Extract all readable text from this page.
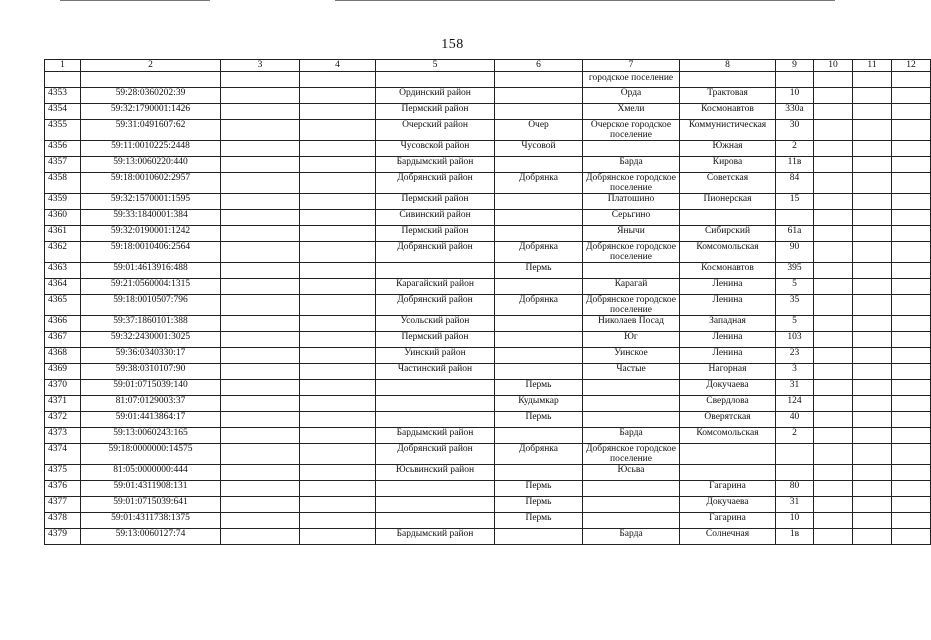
158
1	2	3	4	5	6	7	8	9	10	11	12
						городское поселение					
4353	59:28:0360202:39			Ординский район		Орда	Трактовая	10			
4354	59:32:1790001:1426			Пермский район		Хмели	Космонавтов	330а			
4355	59:31:0491607:62			Очерский район	Очер	Очерское городское поселение	Коммунистическая	30			
4356	59:11:0010225:2448			Чусовской район	Чусовой		Южная	2			
4357	59:13:0060220:440			Бардымский район		Барда	Кирова	11в			
4358	59:18:0010602:2957			Добрянский район	Добрянка	Добрянское городское поселение	Советская	84			
4359	59:32:1570001:1595			Пермский район		Платошино	Пионерская	15			
4360	59:33:1840001:384			Сивинский район		Серьгино					
4361	59:32:0190001:1242			Пермский район		Янычи	Сибирский	61а			
4362	59:18:0010406:2564			Добрянский район	Добрянка	Добрянское городское поселение	Комсомольская	90			
4363	59:01:4613916:488				Пермь		Космонавтов	395			
4364	59:21:0560004:1315			Карагайский район		Карагай	Ленина	5			
4365	59:18:0010507:796			Добрянский район	Добрянка	Добрянское городское поселение	Ленина	35			
4366	59:37:1860101:388			Усольский район		Николаев Посад	Западная	5			
4367	59:32:2430001:3025			Пермский район		Юг	Ленина	103			
4368	59:36:0340330:17			Уинский район		Уинское	Ленина	23			
4369	59:38:0310107:90			Частинский район		Частые	Нагорная	3			
4370	59:01:0715039:140				Пермь		Докучаева	31			
4371	81:07:0129003:37				Кудымкар		Свердлова	124			
4372	59:01:4413864:17				Пермь		Оверятская	40			
4373	59:13:0060243:165			Бардымский район		Барда	Комсомольская	2			
4374	59:18:0000000:14575			Добрянский район	Добрянка	Добрянское городское поселение					
4375	81:05:0000000:444			Юсьвинский район		Юсьва					
4376	59:01:4311908:131				Пермь		Гагарина	80			
4377	59:01:0715039:641				Пермь		Докучаева	31			
4378	59:01:4311738:1375				Пермь		Гагарина	10			
4379	59:13:0060127:74			Бардымский район		Барда	Солнечная	1в			
